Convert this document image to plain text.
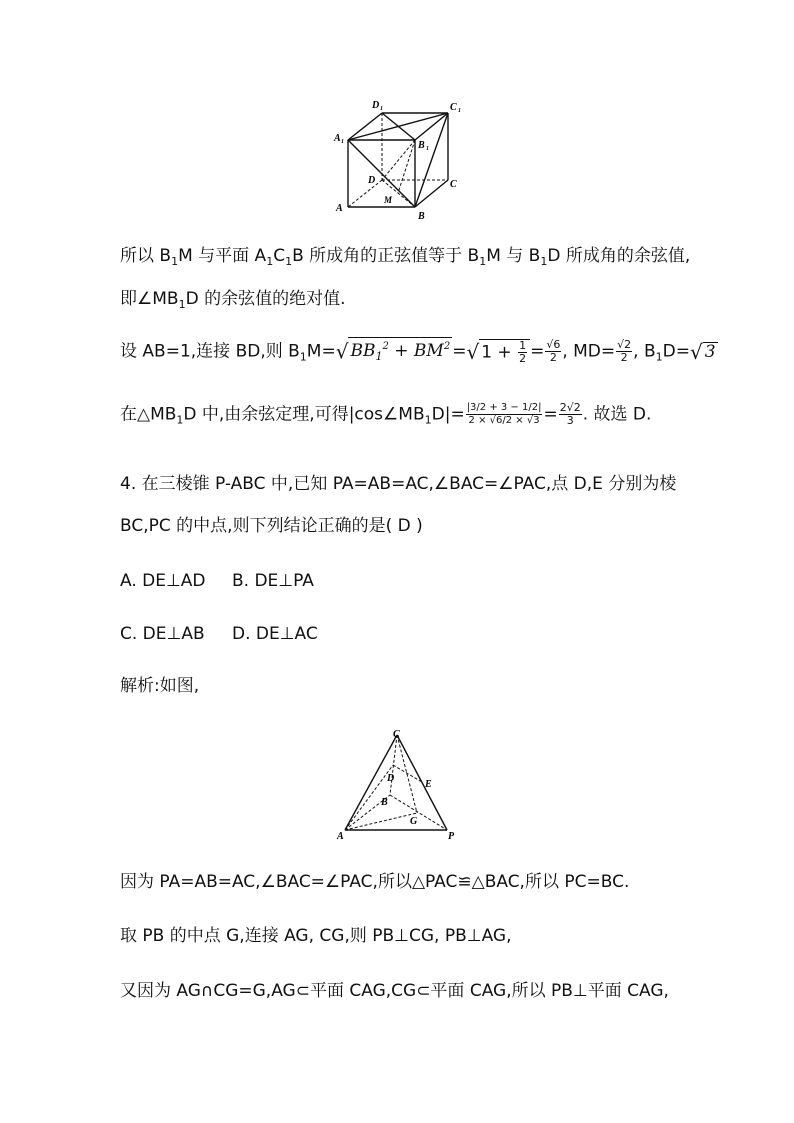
D 1	C 1
A 1	B 1
D	C
A
M
B
所以 $B_1M$ 与平面 $A_1C_1B$ 所成角的正弦值等于 $B_1M$ 与 $B_1D$ 所成角的余弦值,
即$\angle MB_1D$ 的余弦值的绝对值.
设 AB=1,连接 BD,则 $B_1M=√$ $BB_1^2 + BM^2$ =√ $1 + \frac{1}{2} = \frac{√6}{2}$ , $MD= \frac{√2}{2}$ , $B_1D=√$ 3
在$\triangle MB_1D$ 中,由余弦定理,可得$|\cos\angle MB_1D|= \frac{|3/2 + 3 - 1/2|}{2 \times √6/2 \times √3} = \frac{2√2}{3}$ . 故选 D.
4. 在三棱锥 P-ABC 中,已知 PA=AB=AC,∠BAC=∠PAC,点 D,E 分别为棱
BC,PC 的中点,则下列结论正确的是( D )
A. DE⊥AD B. DE⊥PA
C. DE⊥AB D. DE⊥AC
解析:如图,
C
D
E
B
G
A	P
因为 PA=AB=AC,∠BAC=∠PAC,所以△PAC≌△BAC,所以 PC=BC.
取 PB 的中点 G,连接 AG, CG,则 PB⊥CG, PB⊥AG,
又因为 AG∩CG=G,AG⊂平面 CAG,CG⊂平面 CAG,所以 PB⊥平面 CAG,
